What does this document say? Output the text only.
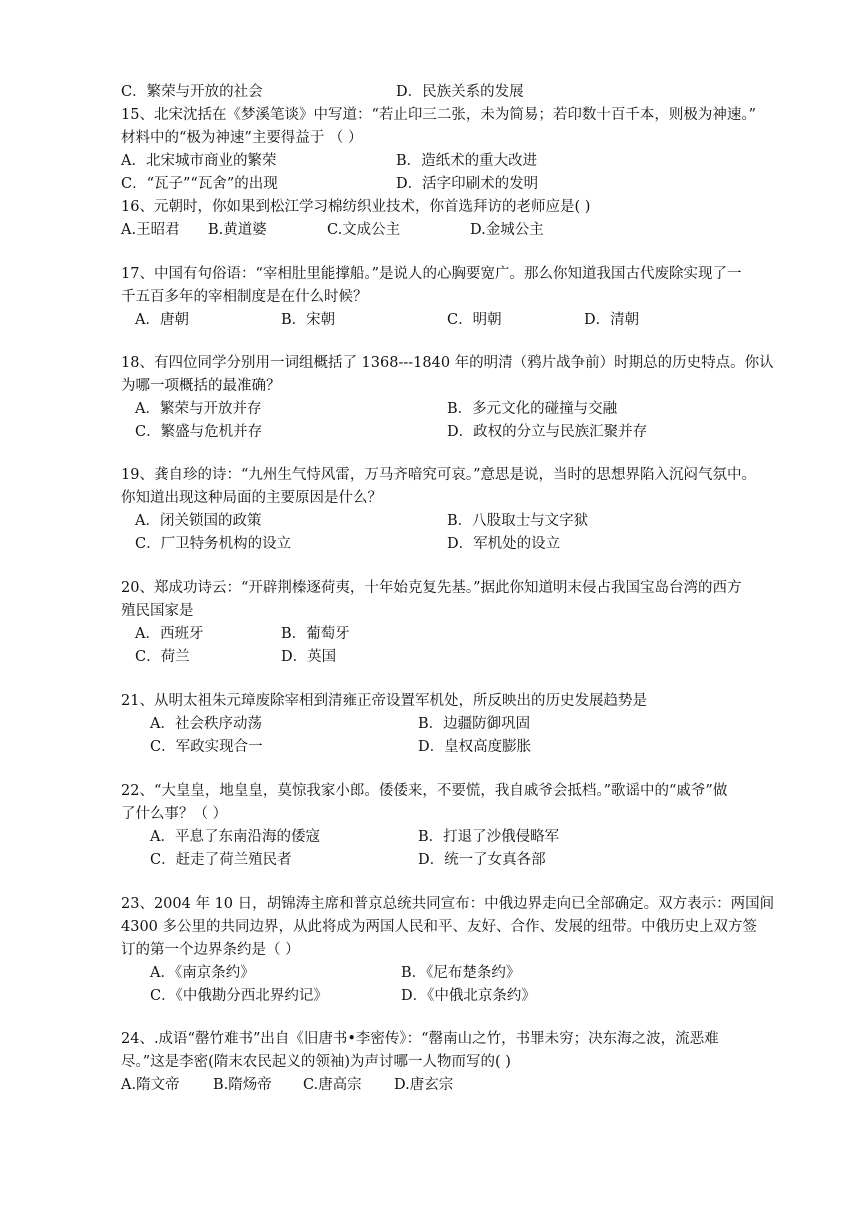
C．繁荣与开放的社会	D．民族关系的发展
15、北宋沈括在《梦溪笔谈》中写道：“若止印三二张，未为简易；若印数十百千本，则极为神速。”
材料中的“极为神速”主要得益于 （ ）
A．北宋城市商业的繁荣	B．造纸术的重大改进
C．“瓦子”“瓦舍”的出现	D．活字印刷术的发明
16、元朝时，你如果到松江学习棉纺织业技术，你首选拜访的老师应是( )
A.王昭君 B.黄道婆	C.文成公主	D.金城公主
17、中国有句俗语：“宰相肚里能撑船。”是说人的心胸要宽广。那么你知道我国古代废除实现了一
千五百多年的宰相制度是在什么时候？
A．唐朝	B．宋朝	C．明朝	D．清朝
18、有四位同学分别用一词组概括了 1368---1840 年的明清（鸦片战争前）时期总的历史特点。你认
为哪一项概括的最准确？
A．繁荣与开放并存	B．多元文化的碰撞与交融
C．繁盛与危机并存	D．政权的分立与民族汇聚并存
19、龚自珍的诗：“九州生气恃风雷，万马齐喑究可哀。”意思是说，当时的思想界陷入沉闷气氛中。
你知道出现这种局面的主要原因是什么？
A．闭关锁国的政策	B．八股取士与文字狱
C．厂卫特务机构的设立	D．军机处的设立
20、郑成功诗云：“开辟荆榛逐荷夷，十年始克复先基。”据此你知道明末侵占我国宝岛台湾的西方
殖民国家是
A．西班牙	B．葡萄牙
C．荷兰	D．英国
21、从明太祖朱元璋废除宰相到清雍正帝设置军机处，所反映出的历史发展趋势是
A．社会秩序动荡	B．边疆防御巩固
C．军政实现合一	D．皇权高度膨胀
22、“大皇皇，地皇皇，莫惊我家小郎。倭倭来，不要慌，我自戚爷会抵档。”歌谣中的“戚爷”做
了什么事？（ ）
A．平息了东南沿海的倭寇	B．打退了沙俄侵略军
C．赶走了荷兰殖民者	D．统一了女真各部
23、2004 年 10 日，胡锦涛主席和普京总统共同宣布：中俄边界走向已全部确定。双方表示：两国间
4300 多公里的共同边界，从此将成为两国人民和平、友好、合作、发展的纽带。中俄历史上双方签
订的第一个边界条约是（ ）
A．《南京条约》	B．《尼布楚条约》
C．《中俄勘分西北界约记》	D．《中俄北京条约》
24、.成语“罄竹难书”出自《旧唐书•李密传》：“罄南山之竹，书罪未穷；决东海之波，流恶难
尽。”这是李密(隋末农民起义的领袖)为声讨哪一人物而写的( )
A.隋文帝 B.隋炀帝 C.唐高宗 D.唐玄宗
